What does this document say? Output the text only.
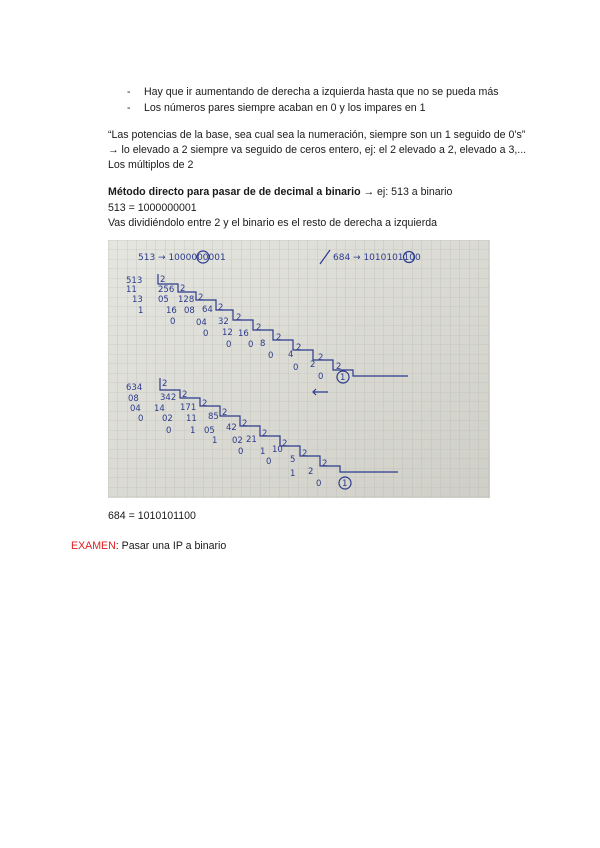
- Hay que ir aumentando de derecha a izquierda hasta que no se pueda más
- Los números pares siempre acaban en 0 y los impares en 1
“Las potencias de la base, sea cual sea la numeración, siempre son un 1 seguido de 0’s” → lo elevado a 2 siempre va seguido de ceros entero, ej: el 2 elevado a 2, elevado a 3,... Los múltiplos de 2
Método directo para pasar de de decimal a binario → ej: 513 a binario
513 = 1000000001
Vas dividiéndolo entre 2 y el binario es el resto de derecha a izquierda
513 → 1000000001	684 → 1010101100
513 2
11 256 2
13 05 128 2
1	16 08 64 2
0 04 32 2
0 12 16
2
0 0 8
2
0 4
2
0 2
2
0 1
2
634 2
08 342 2
04 14 171 2
0 02 11 85 2
0 1 05 42 2
1 02 21
2
0 1 10
2
0 5
2
1 2
2
0 1
684 = 1010101100
EXAMEN: Pasar una IP a binario
